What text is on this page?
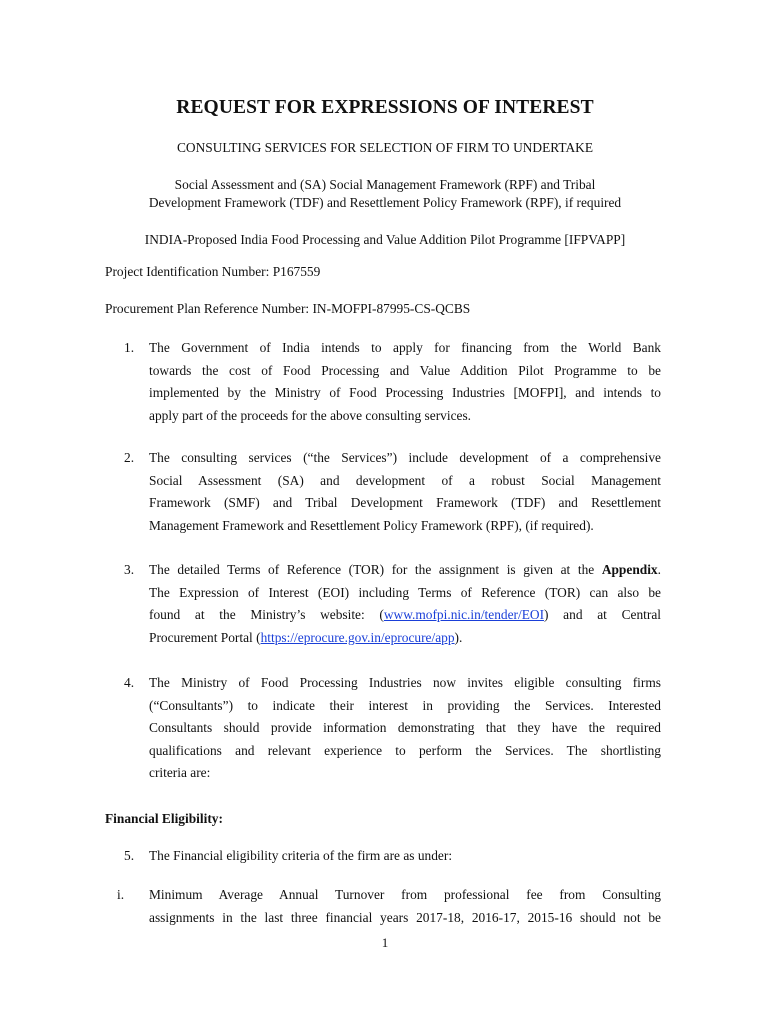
REQUEST FOR EXPRESSIONS OF INTEREST
CONSULTING SERVICES FOR SELECTION OF FIRM TO UNDERTAKE
Social Assessment and (SA) Social Management Framework (RPF) and Tribal
Development Framework (TDF) and Resettlement Policy Framework (RPF), if required
INDIA-Proposed India Food Processing and Value Addition Pilot Programme [IFPVAPP]
Project Identification Number: P167559
Procurement Plan Reference Number: IN-MOFPI-87995-CS-QCBS
1.	The Government of India intends to apply for financing from the World Bank
towards the cost of Food Processing and Value Addition Pilot Programme to be
implemented by the Ministry of Food Processing Industries [MOFPI], and intends to
apply part of the proceeds for the above consulting services.
2.	The consulting services (“the Services”) include development of a comprehensive
Social Assessment (SA) and development of a robust Social Management
Framework (SMF) and Tribal Development Framework (TDF) and Resettlement
Management Framework and Resettlement Policy Framework (RPF), (if required).
3.	The detailed Terms of Reference (TOR) for the assignment is given at the Appendix.
The Expression of Interest (EOI) including Terms of Reference (TOR) can also be
found at the Ministry’s website: (www.mofpi.nic.in/tender/EOI) and at Central
Procurement Portal (https://eprocure.gov.in/eprocure/app).
4.	The Ministry of Food Processing Industries now invites eligible consulting firms
(“Consultants”) to indicate their interest in providing the Services. Interested
Consultants should provide information demonstrating that they have the required
qualifications and relevant experience to perform the Services. The shortlisting
criteria are:
Financial Eligibility:
5.	The Financial eligibility criteria of the firm are as under:
i. Minimum Average Annual Turnover from professional fee from Consulting
assignments in the last three financial years 2017-18, 2016-17, 2015-16 should not be
1
